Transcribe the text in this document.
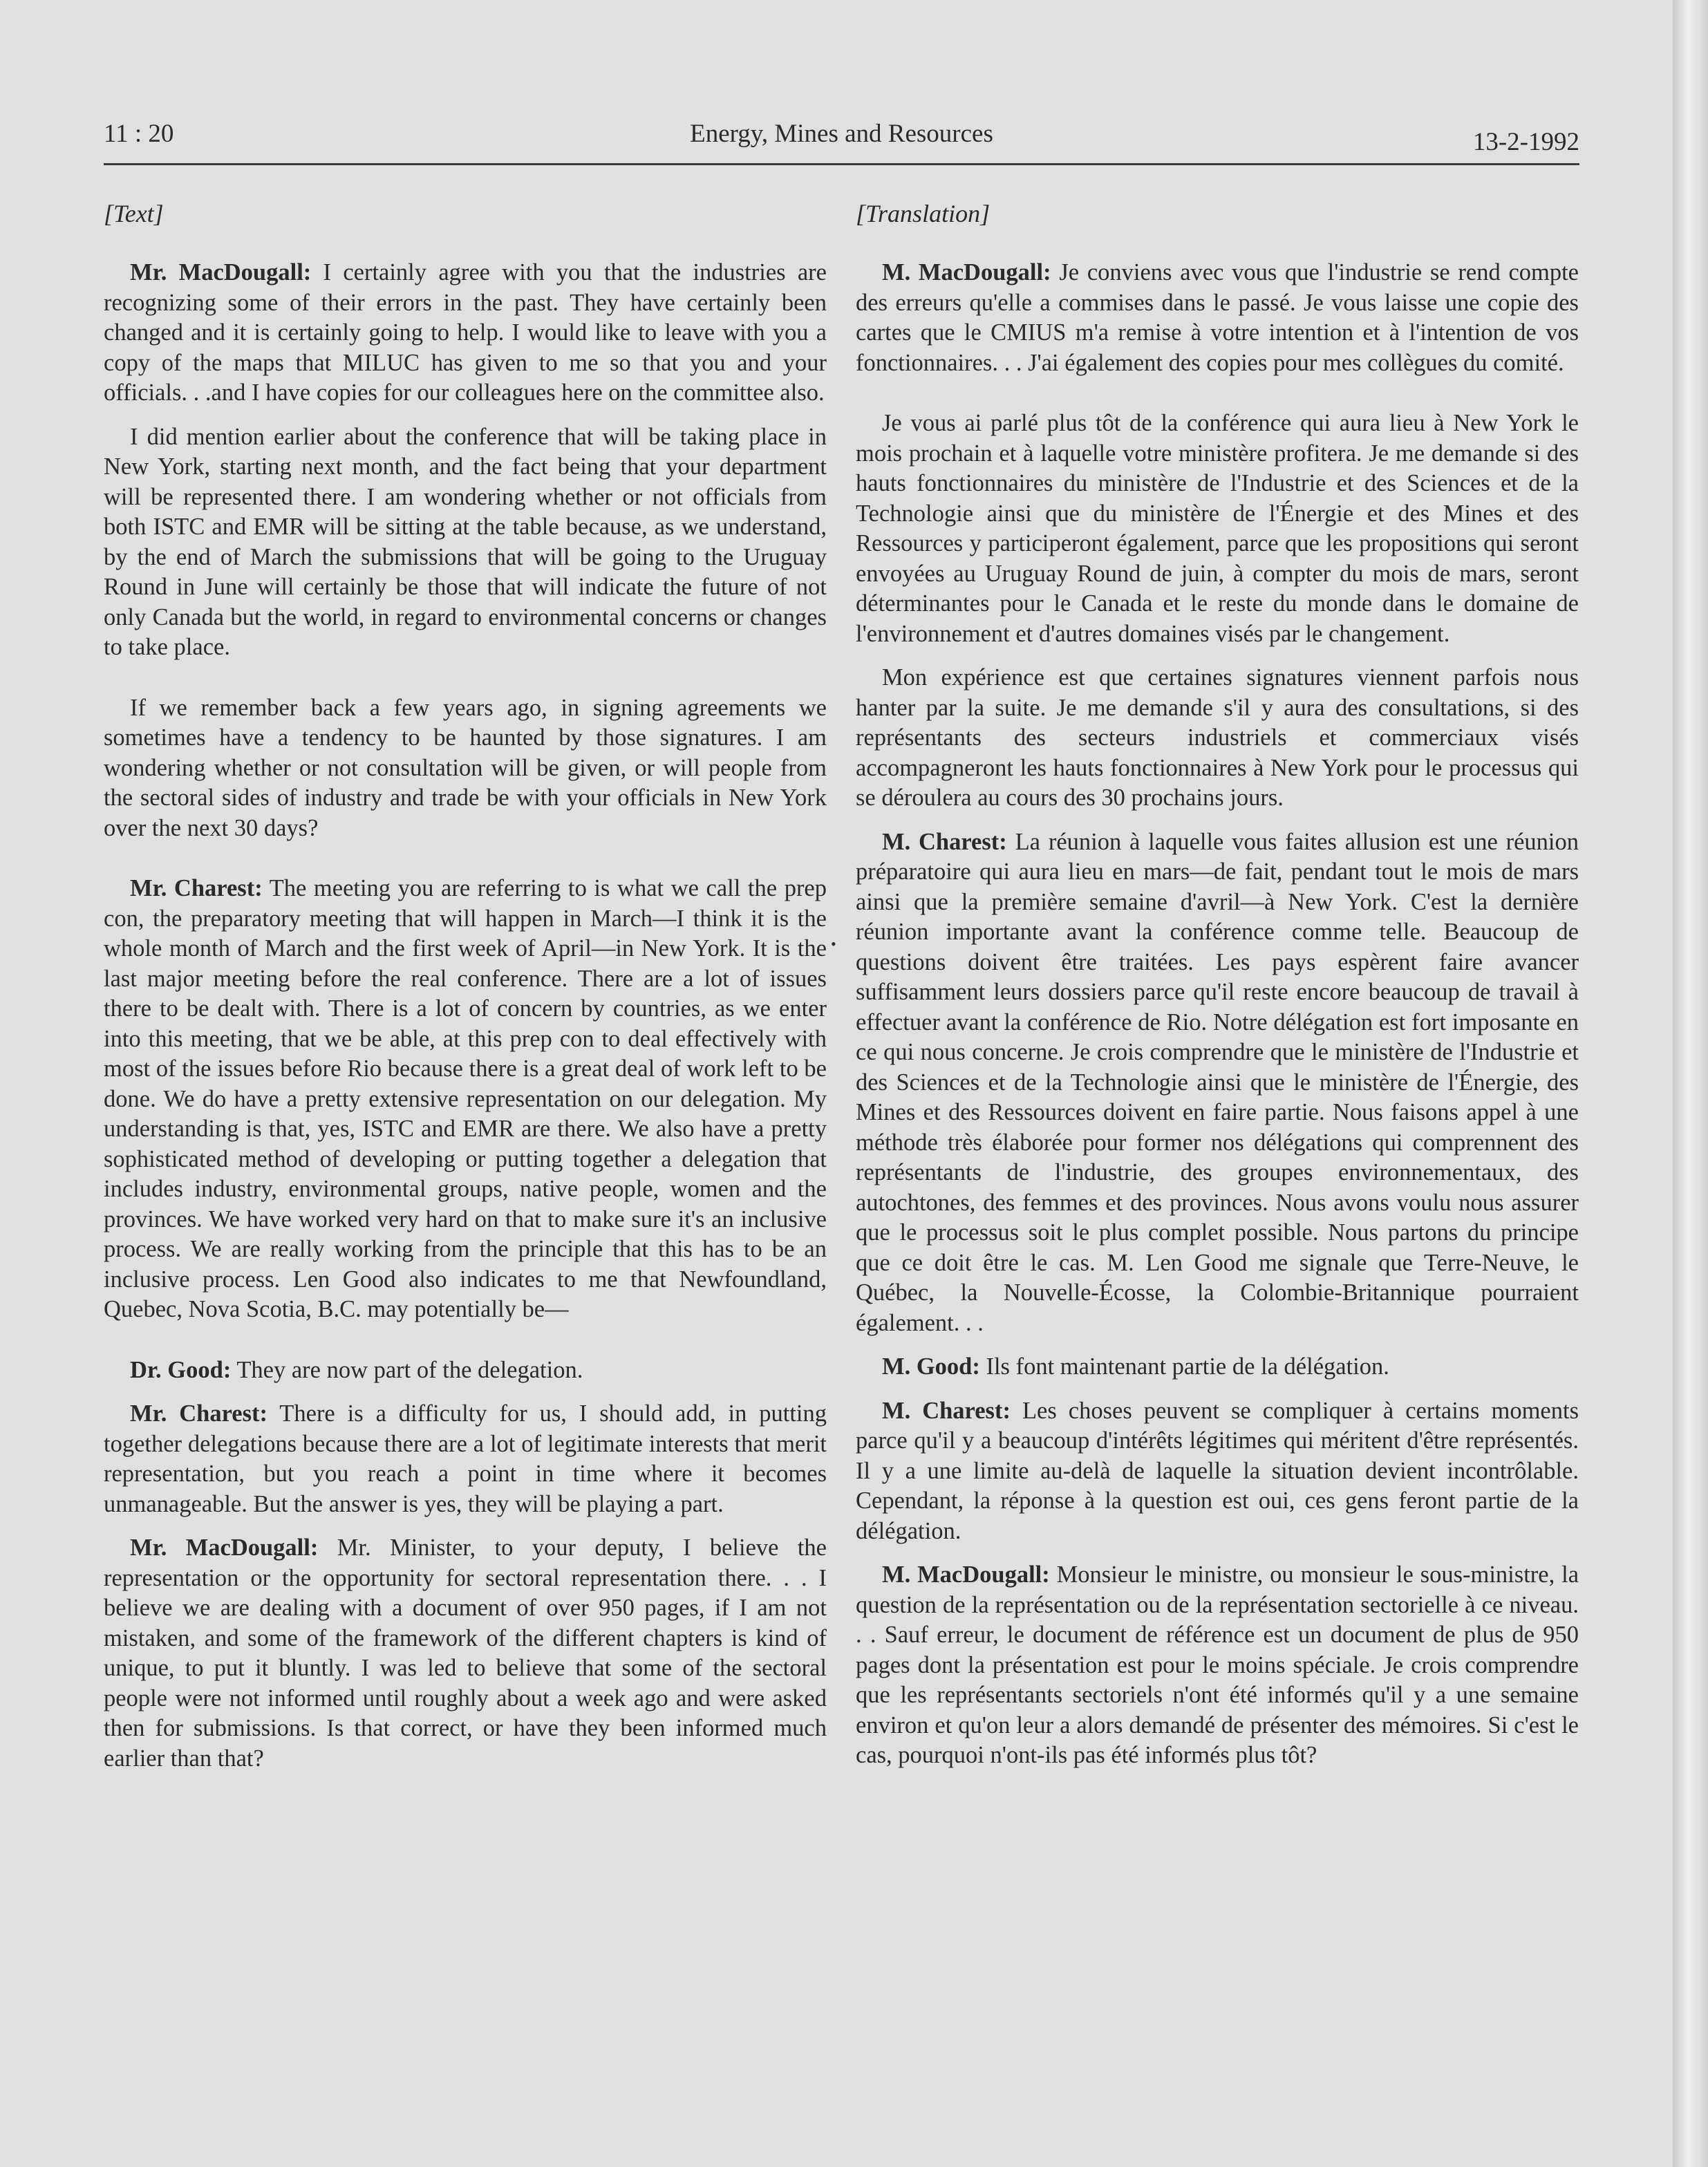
11 : 20	Energy, Mines and Resources	13-2-1992
[Text]

Mr. MacDougall: I certainly agree with you that the industries are recognizing some of their errors in the past. They have certainly been changed and it is certainly going to help. I would like to leave with you a copy of the maps that MILUC has given to me so that you and your officials. . .and I have copies for our colleagues here on the committee also.

I did mention earlier about the conference that will be taking place in New York, starting next month, and the fact being that your department will be represented there. I am wondering whether or not officials from both ISTC and EMR will be sitting at the table because, as we understand, by the end of March the submissions that will be going to the Uruguay Round in June will certainly be those that will indicate the future of not only Canada but the world, in regard to environmental concerns or changes to take place.

If we remember back a few years ago, in signing agreements we sometimes have a tendency to be haunted by those signatures. I am wondering whether or not consultation will be given, or will people from the sectoral sides of industry and trade be with your officials in New York over the next 30 days?

Mr. Charest: The meeting you are referring to is what we call the prep con, the preparatory meeting that will happen in March—I think it is the whole month of March and the first week of April—in New York. It is the last major meeting before the real conference. There are a lot of issues there to be dealt with. There is a lot of concern by countries, as we enter into this meeting, that we be able, at this prep con to deal effectively with most of the issues before Rio because there is a great deal of work left to be done. We do have a pretty extensive representation on our delegation. My understanding is that, yes, ISTC and EMR are there. We also have a pretty sophisticated method of developing or putting together a delegation that includes industry, environmental groups, native people, women and the provinces. We have worked very hard on that to make sure it's an inclusive process. We are really working from the principle that this has to be an inclusive process. Len Good also indicates to me that Newfoundland, Quebec, Nova Scotia, B.C. may potentially be—

Dr. Good: They are now part of the delegation.

Mr. Charest: There is a difficulty for us, I should add, in putting together delegations because there are a lot of legitimate interests that merit representation, but you reach a point in time where it becomes unmanageable. But the answer is yes, they will be playing a part.

Mr. MacDougall: Mr. Minister, to your deputy, I believe the representation or the opportunity for sectoral representation there. . . I believe we are dealing with a document of over 950 pages, if I am not mistaken, and some of the framework of the different chapters is kind of unique, to put it bluntly. I was led to believe that some of the sectoral people were not informed until roughly about a week ago and were asked then for submissions. Is that correct, or have they been informed much earlier than that?

[Translation]

M. MacDougall: Je conviens avec vous que l'industrie se rend compte des erreurs qu'elle a commises dans le passé. Je vous laisse une copie des cartes que le CMIUS m'a remise à votre intention et à l'intention de vos fonctionnaires. . . J'ai également des copies pour mes collègues du comité.

Je vous ai parlé plus tôt de la conférence qui aura lieu à New York le mois prochain et à laquelle votre ministère profitera. Je me demande si des hauts fonctionnaires du ministère de l'Industrie et des Sciences et de la Technologie ainsi que du ministère de l'Énergie et des Mines et des Ressources y participeront également, parce que les propositions qui seront envoyées au Uruguay Round de juin, à compter du mois de mars, seront déterminantes pour le Canada et le reste du monde dans le domaine de l'environnement et d'autres domaines visés par le changement.

Mon expérience est que certaines signatures viennent parfois nous hanter par la suite. Je me demande s'il y aura des consultations, si des représentants des secteurs industriels et commerciaux visés accompagneront les hauts fonctionnaires à New York pour le processus qui se déroulera au cours des 30 prochains jours.

M. Charest: La réunion à laquelle vous faites allusion est une réunion préparatoire qui aura lieu en mars—de fait, pendant tout le mois de mars ainsi que la première semaine d'avril—à New York. C'est la dernière réunion importante avant la conférence comme telle. Beaucoup de questions doivent être traitées. Les pays espèrent faire avancer suffisamment leurs dossiers parce qu'il reste encore beaucoup de travail à effectuer avant la conférence de Rio. Notre délégation est fort imposante en ce qui nous concerne. Je crois comprendre que le ministère de l'Industrie et des Sciences et de la Technologie ainsi que le ministère de l'Énergie, des Mines et des Ressources doivent en faire partie. Nous faisons appel à une méthode très élaborée pour former nos délégations qui comprennent des représentants de l'industrie, des groupes environnementaux, des autochtones, des femmes et des provinces. Nous avons voulu nous assurer que le processus soit le plus complet possible. Nous partons du principe que ce doit être le cas. M. Len Good me signale que Terre-Neuve, le Québec, la Nouvelle-Écosse, la Colombie-Britannique pourraient également. . .

M. Good: Ils font maintenant partie de la délégation.

M. Charest: Les choses peuvent se compliquer à certains moments parce qu'il y a beaucoup d'intérêts légitimes qui méritent d'être représentés. Il y a une limite au-delà de laquelle la situation devient incontrôlable. Cependant, la réponse à la question est oui, ces gens feront partie de la délégation.

M. MacDougall: Monsieur le ministre, ou monsieur le sous-ministre, la question de la représentation ou de la représentation sectorielle à ce niveau. . . Sauf erreur, le document de référence est un document de plus de 950 pages dont la présentation est pour le moins spéciale. Je crois comprendre que les représentants sectoriels n'ont été informés qu'il y a une semaine environ et qu'on leur a alors demandé de présenter des mémoires. Si c'est le cas, pourquoi n'ont-ils pas été informés plus tôt?

•
